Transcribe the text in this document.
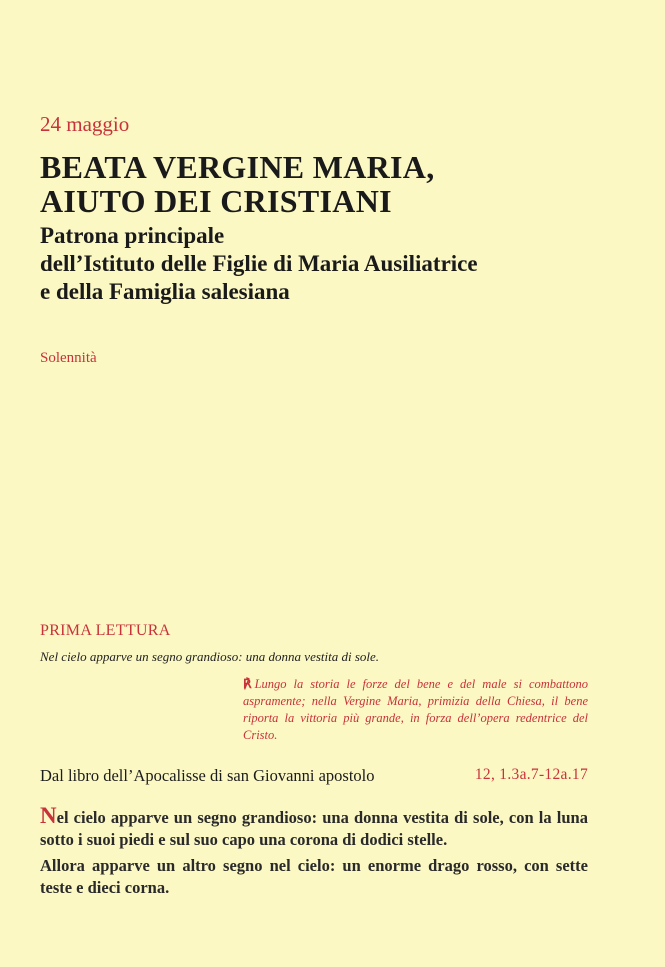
24 maggio
BEATA VERGINE MARIA,
AIUTO DEI CRISTIANI
Patrona principale
dell’Istituto delle Figlie di Maria Ausiliatrice
e della Famiglia salesiana
Solennità
PRIMA LETTURA
Nel cielo apparve un segno grandioso: una donna vestita di sole.
℟ Lungo la storia le forze del bene e del male si combattono aspramente; nella Vergine Maria, primizia della Chiesa, il bene riporta la vittoria più grande, in forza dell’opera redentrice del Cristo.
Dal libro dell’Apocalisse di san Giovanni apostolo	12, 1.3a.7-12a.17
Nel cielo apparve un segno grandioso: una donna vestita di sole, con la luna sotto i suoi piedi e sul suo capo una corona di dodici stelle.
Allora apparve un altro segno nel cielo: un enorme drago rosso, con sette teste e dieci corna.
